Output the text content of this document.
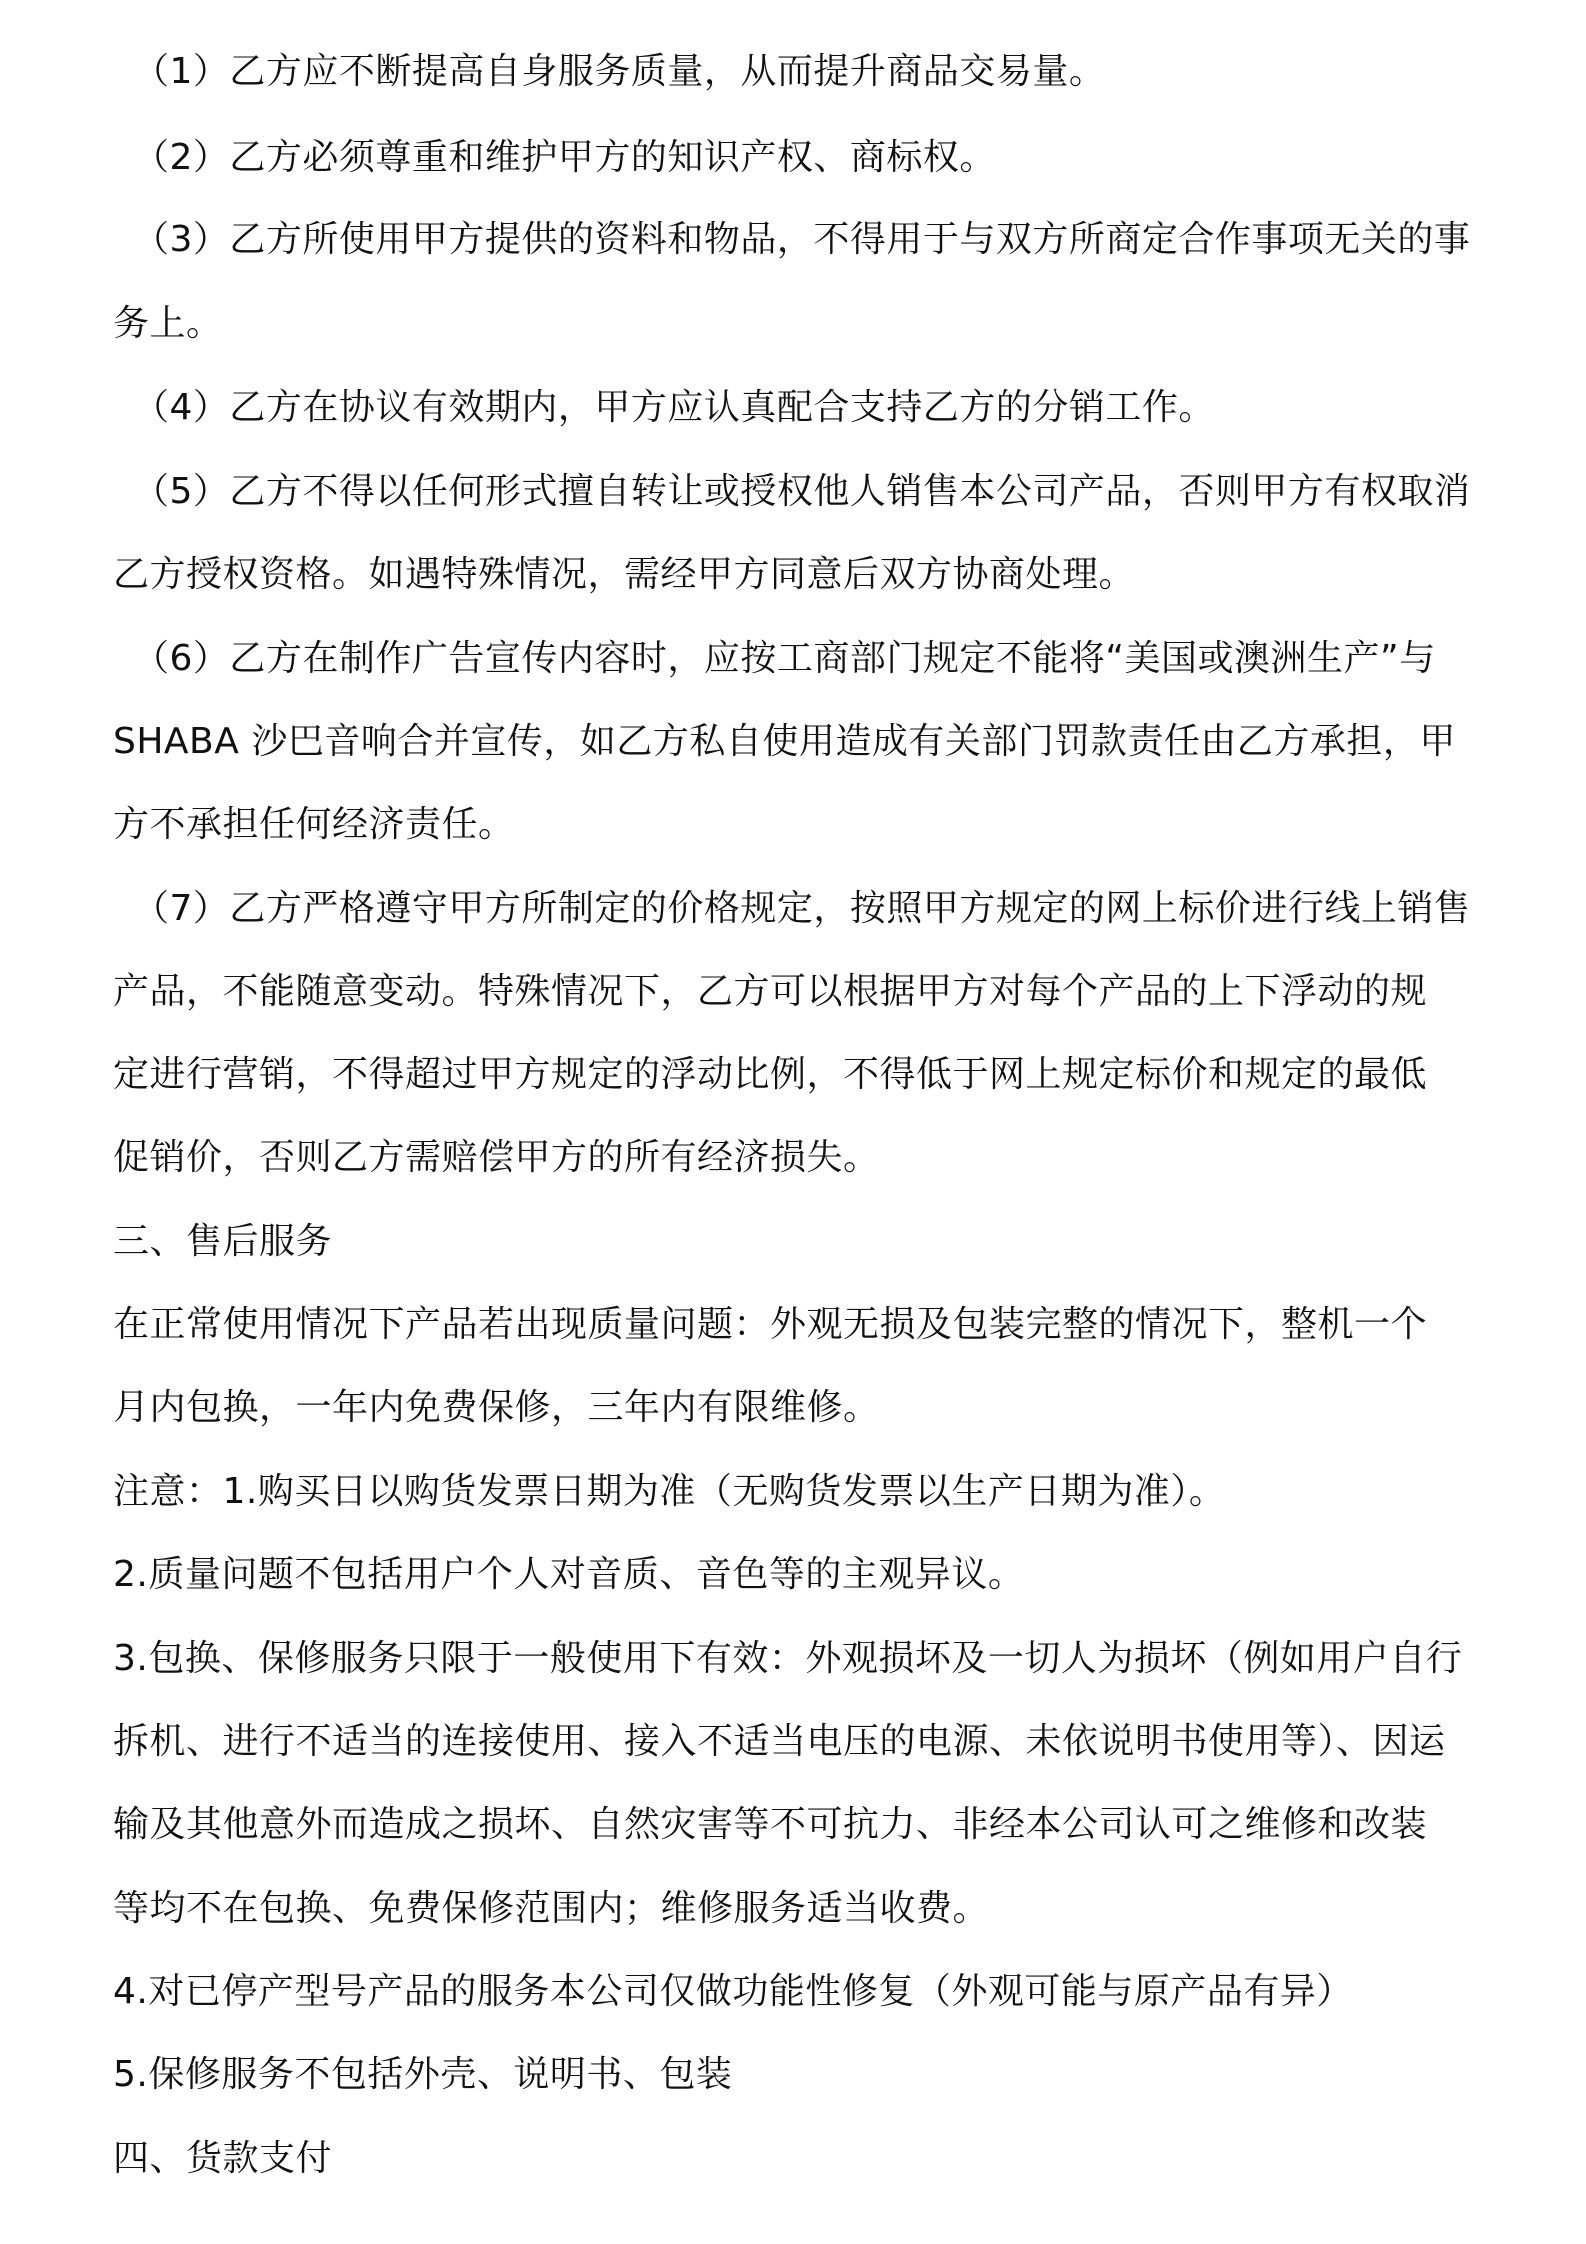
（1）乙方应不断提高自身服务质量，从而提升商品交易量。
（2）乙方必须尊重和维护甲方的知识产权、商标权。
（3）乙方所使用甲方提供的资料和物品，不得用于与双方所商定合作事项无关的事
务上。
（4）乙方在协议有效期内，甲方应认真配合支持乙方的分销工作。
（5）乙方不得以任何形式擅自转让或授权他人销售本公司产品，否则甲方有权取消
乙方授权资格。如遇特殊情况，需经甲方同意后双方协商处理。
（6）乙方在制作广告宣传内容时，应按工商部门规定不能将“美国或澳洲生产”与
SHABA 沙巴音响合并宣传，如乙方私自使用造成有关部门罚款责任由乙方承担，甲
方不承担任何经济责任。
（7）乙方严格遵守甲方所制定的价格规定，按照甲方规定的网上标价进行线上销售
产品，不能随意变动。特殊情况下，乙方可以根据甲方对每个产品的上下浮动的规
定进行营销，不得超过甲方规定的浮动比例，不得低于网上规定标价和规定的最低
促销价，否则乙方需赔偿甲方的所有经济损失。
三、售后服务
在正常使用情况下产品若出现质量问题：外观无损及包装完整的情况下，整机一个
月内包换，一年内免费保修，三年内有限维修。
注意：1.购买日以购货发票日期为准（无购货发票以生产日期为准）。
2.质量问题不包括用户个人对音质、音色等的主观异议。
3.包换、保修服务只限于一般使用下有效：外观损坏及一切人为损坏（例如用户自行
拆机、进行不适当的连接使用、接入不适当电压的电源、未依说明书使用等）、因运
输及其他意外而造成之损坏、自然灾害等不可抗力、非经本公司认可之维修和改装
等均不在包换、免费保修范围内；维修服务适当收费。
4.对已停产型号产品的服务本公司仅做功能性修复（外观可能与原产品有异）
5.保修服务不包括外壳、说明书、包装
四、货款支付
